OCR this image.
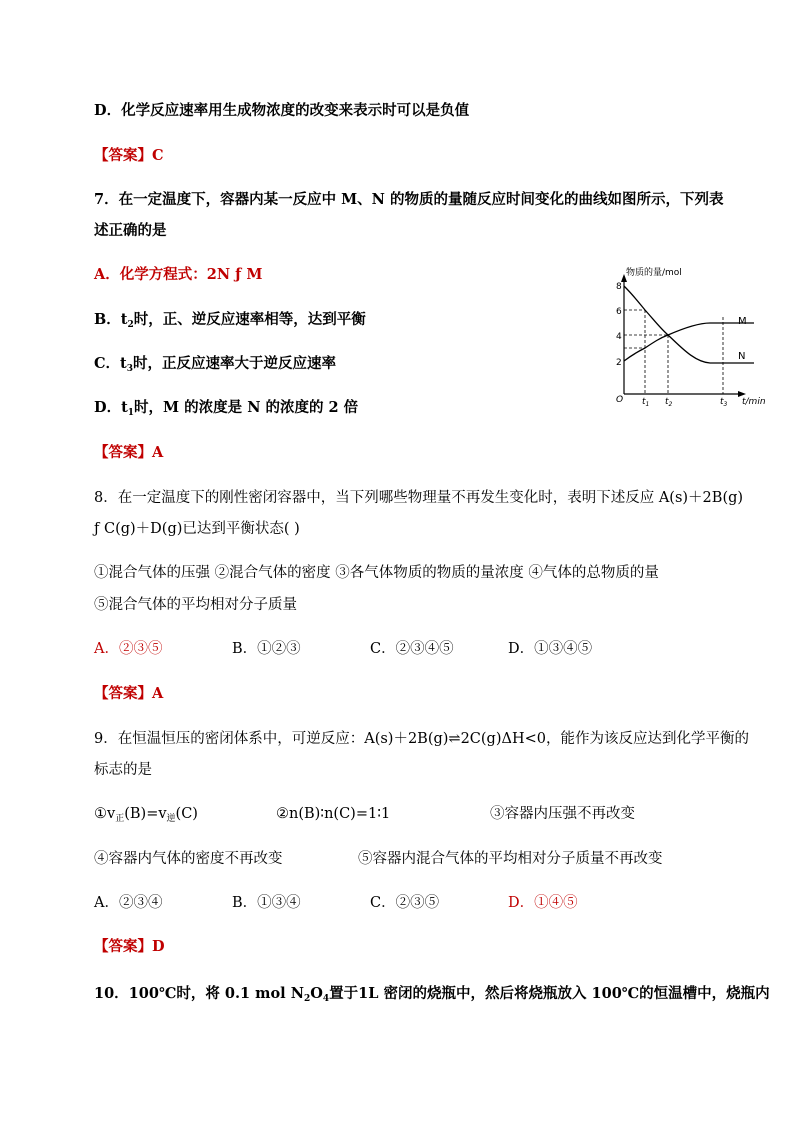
D．化学反应速率用生成物浓度的改变来表示时可以是负值
【答案】C
7．在一定温度下，容器内某一反应中 M、N 的物质的量随反应时间变化的曲线如图所示，下列表
述正确的是
A．化学方程式：2N ƒ M
B．$t_2$时，正、逆反应速率相等，达到平衡
C．$t_3$时，正反应速率大于逆反应速率
D．$t_1$时，M 的浓度是 N 的浓度的 2 倍
物质的量/mol
t/min
O
2
4
6
8
M
N
$t_1$ $t_2$	$t_3$
【答案】A
8．在一定温度下的刚性密闭容器中，当下列哪些物理量不再发生变化时，表明下述反应 A(s)＋2B(g)
ƒ C(g)＋D(g)已达到平衡状态( )
①混合气体的压强 ②混合气体的密度 ③各气体物质的物质的量浓度 ④气体的总物质的量
⑤混合气体的平均相对分子质量
A．②③⑤	B．①②③	C．②③④⑤	D．①③④⑤
【答案】A
9．在恒温恒压的密闭体系中，可逆反应：A(s)＋2B(g)⇌2C(g)ΔH<0，能作为该反应达到化学平衡的
标志的是
$①v_正(B)=v_逆(C)$	②n(B)∶n(C)=1∶1	③容器内压强不再改变
④容器内气体的密度不再改变	⑤容器内混合气体的平均相对分子质量不再改变
A．②③④	B．①③④	C．②③⑤	D．①④⑤
【答案】D
10．100℃时，将 0.1 mol $N_2O_4$置于1L 密闭的烧瓶中，然后将烧瓶放入 100℃的恒温槽中，烧瓶内
